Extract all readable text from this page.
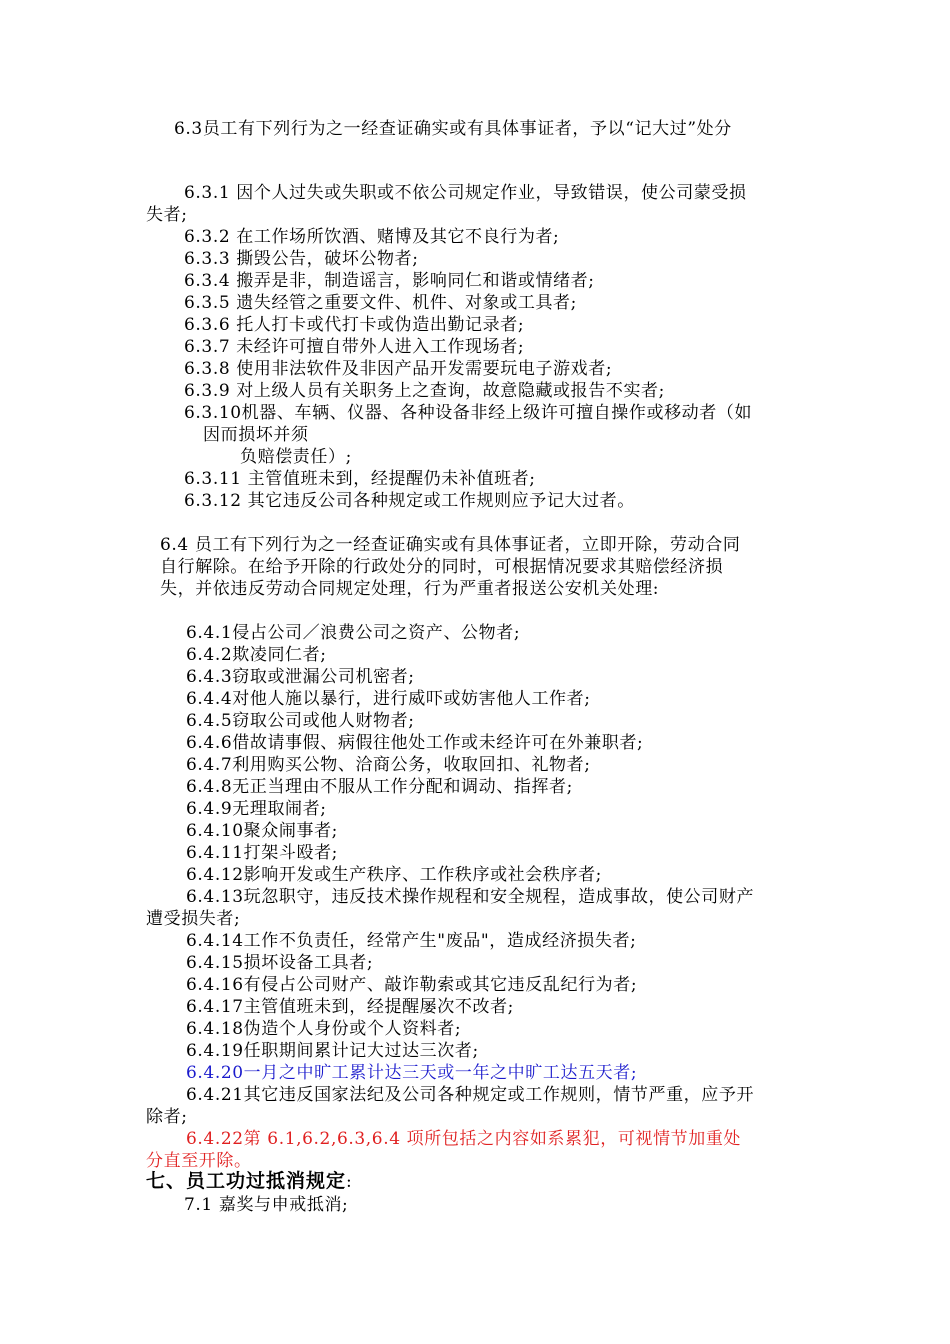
6.3员工有下列行为之一经查证确实或有具体事证者，予以“记大过”处分

6.3.1 因个人过失或失职或不依公司规定作业，导致错误，使公司蒙受损

失者;

6.3.2 在工作场所饮酒、赌博及其它不良行为者;

6.3.3 撕毁公告，破坏公物者;

6.3.4 搬弄是非，制造谣言，影响同仁和谐或情绪者;

6.3.5 遗失经管之重要文件、机件、对象或工具者;

6.3.6 托人打卡或代打卡或伪造出勤记录者;

6.3.7 未经许可擅自带外人进入工作现场者;

6.3.8 使用非法软件及非因产品开发需要玩电子游戏者;

6.3.9 对上级人员有关职务上之查询，故意隐藏或报告不实者;

6.3.10机器、车辆、仪器、各种设备非经上级许可擅自操作或移动者（如

因而损坏并须

负赔偿责任）;

6.3.11 主管值班未到，经提醒仍未补值班者;

6.3.12 其它违反公司各种规定或工作规则应予记大过者。

6.4 员工有下列行为之一经查证确实或有具体事证者，立即开除，劳动合同

自行解除。在给予开除的行政处分的同时，可根据情况要求其赔偿经济损

失，并依违反劳动合同规定处理，行为严重者报送公安机关处理:

6.4.1侵占公司／浪费公司之资产、公物者;

6.4.2欺凌同仁者;

6.4.3窃取或泄漏公司机密者;

6.4.4对他人施以暴行，进行威吓或妨害他人工作者;

6.4.5窃取公司或他人财物者;

6.4.6借故请事假、病假往他处工作或未经许可在外兼职者;

6.4.7利用购买公物、洽商公务，收取回扣、礼物者;

6.4.8无正当理由不服从工作分配和调动、指挥者;

6.4.9无理取闹者;

6.4.10聚众闹事者;

6.4.11打架斗殴者;

6.4.12影响开发或生产秩序、工作秩序或社会秩序者;

6.4.13玩忽职守，违反技术操作规程和安全规程，造成事故，使公司财产

遭受损失者;

6.4.14工作不负责任，经常产生"废品"，造成经济损失者;

6.4.15损坏设备工具者;

6.4.16有侵占公司财产、敲诈勒索或其它违反乱纪行为者;

6.4.17主管值班未到，经提醒屡次不改者;

6.4.18伪造个人身份或个人资料者;

6.4.19任职期间累计记大过达三次者;

6.4.20一月之中旷工累计达三天或一年之中旷工达五天者;

6.4.21其它违反国家法纪及公司各种规定或工作规则，情节严重，应予开

除者;

6.4.22第 6.1,6.2,6.3,6.4 项所包括之内容如系累犯，可视情节加重处

分直至开除。

七、员工功过抵消规定:

7.1 嘉奖与申戒抵消;
